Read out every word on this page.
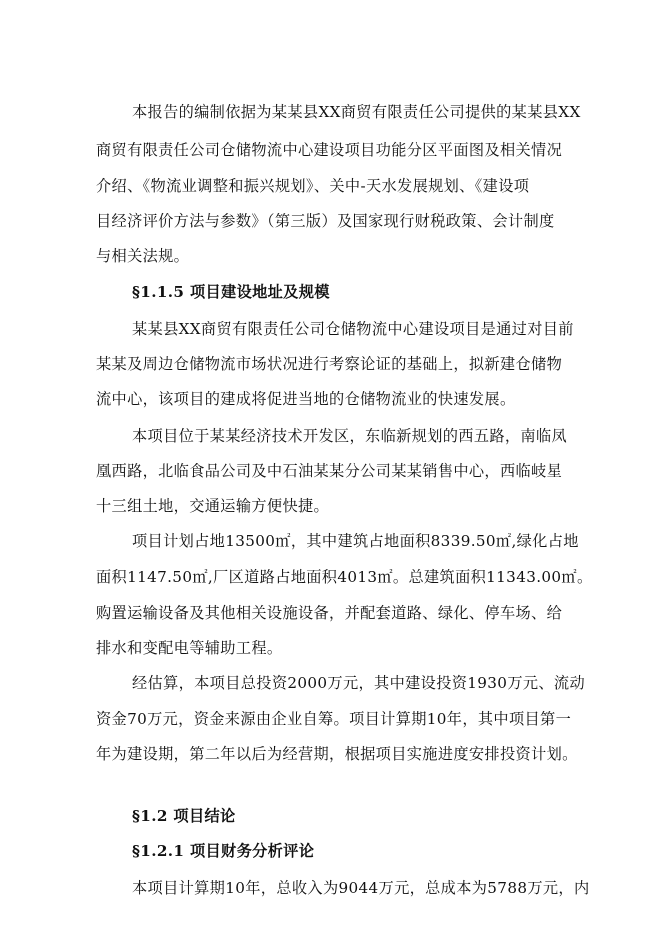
本报告的编制依据为某某县XX商贸有限责任公司提供的某某县XX
商贸有限责任公司仓储物流中心建设项目功能分区平面图及相关情况
介绍、《物流业调整和振兴规划》、关中-天水发展规划、《建设项
目经济评价方法与参数》（第三版）及国家现行财税政策、会计制度
与相关法规。
§1.1.5 项目建设地址及规模
某某县XX商贸有限责任公司仓储物流中心建设项目是通过对目前
某某及周边仓储物流市场状况进行考察论证的基础上，拟新建仓储物
流中心，该项目的建成将促进当地的仓储物流业的快速发展。
本项目位于某某经济技术开发区，东临新规划的西五路，南临凤
凰西路，北临食品公司及中石油某某分公司某某销售中心，西临岐星
十三组土地，交通运输方便快捷。
项目计划占地13500㎡，其中建筑占地面积8339.50㎡,绿化占地
面积1147.50㎡,厂区道路占地面积4013㎡。总建筑面积11343.00㎡。
购置运输设备及其他相关设施设备，并配套道路、绿化、停车场、给
排水和变配电等辅助工程。
经估算，本项目总投资2000万元，其中建设投资1930万元、流动
资金70万元，资金来源由企业自筹。项目计算期10年，其中项目第一
年为建设期，第二年以后为经营期，根据项目实施进度安排投资计划。
§1.2 项目结论
§1.2.1 项目财务分析评论
本项目计算期10年，总收入为9044万元，总成本为5788万元，内
